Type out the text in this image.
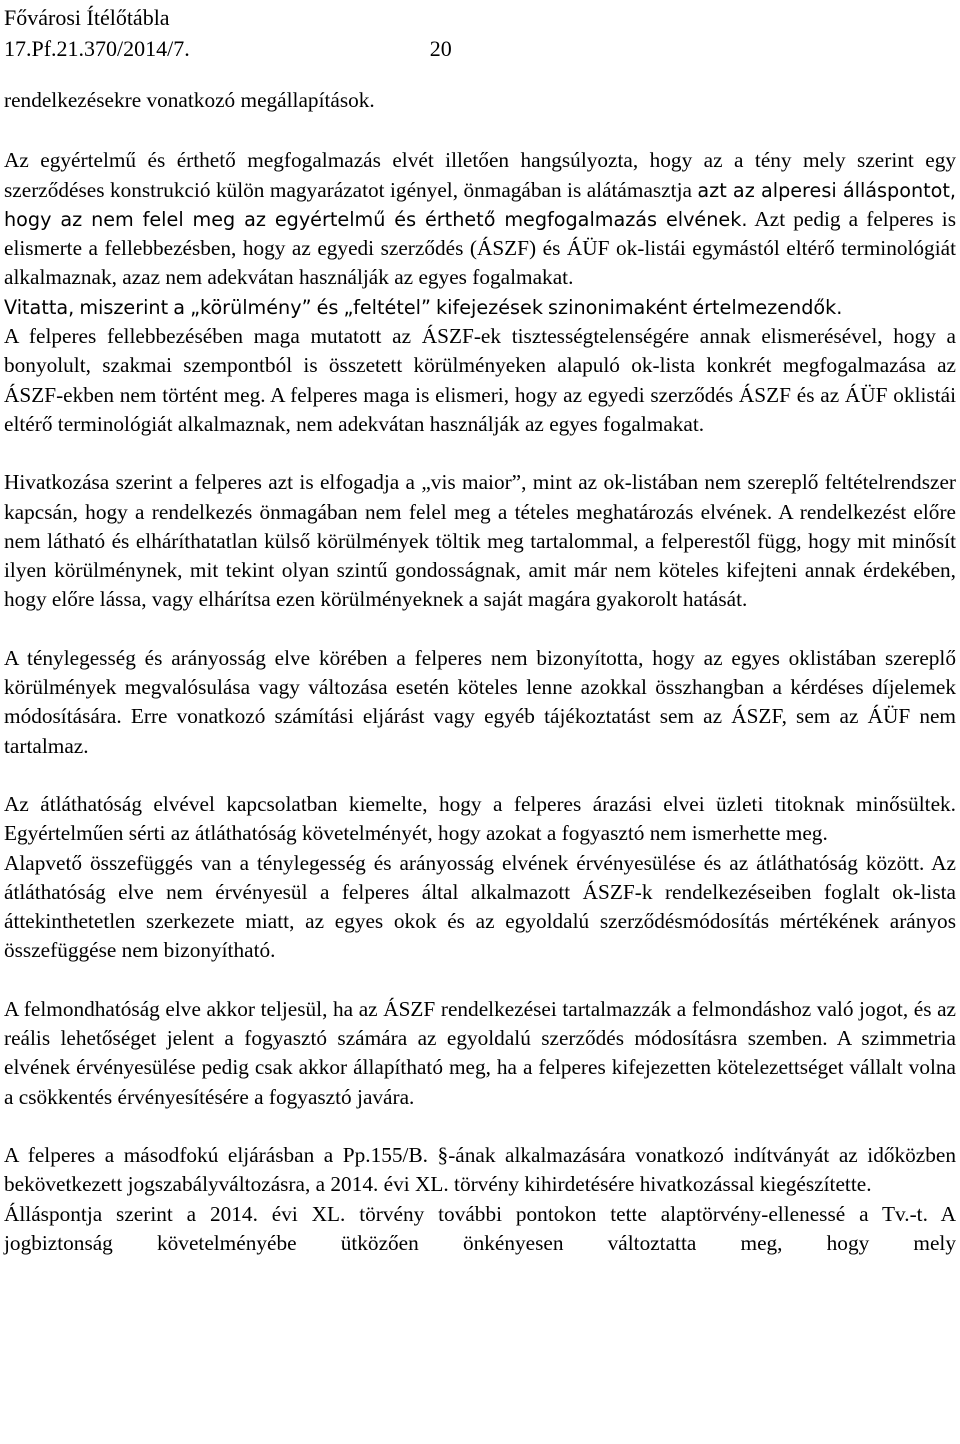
Fővárosi Ítélőtábla
17.Pf.21.370/2014/7.	20

rendelkezésekre vonatkozó megállapítások.

Az egyértelmű és érthető megfogalmazás elvét illetően hangsúlyozta, hogy az a tény mely szerint egy szerződéses konstrukció külön magyarázatot igényel, önmagában is alátámasztja azt az alperesi álláspontot, hogy az nem felel meg az egyértelmű és érthető megfogalmazás elvének. Azt pedig a felperes is elismerte a fellebbezésben, hogy az egyedi szerződés (ÁSZF) és ÁÜF ok-listái egymástól eltérő terminológiát alkalmaznak, azaz nem adekvátan használják az egyes fogalmakat.

Vitatta, miszerint a „körülmény” és „feltétel” kifejezések szinonimaként értelmezendők.

A felperes fellebbezésében maga mutatott az ÁSZF-ek tisztességtelenségére annak elismerésével, hogy a bonyolult, szakmai szempontból is összetett körülményeken alapuló ok-lista konkrét megfogalmazása az ÁSZF-ekben nem történt meg. A felperes maga is elismeri, hogy az egyedi szerződés ÁSZF és az ÁÜF oklistái eltérő terminológiát alkalmaznak, nem adekvátan használják az egyes fogalmakat.

Hivatkozása szerint a felperes azt is elfogadja a „vis maior”, mint az ok-listában nem szereplő feltételrendszer kapcsán, hogy a rendelkezés önmagában nem felel meg a tételes meghatározás elvének. A rendelkezést előre nem látható és elháríthatatlan külső körülmények töltik meg tartalommal, a felperestől függ, hogy mit minősít ilyen körülménynek, mit tekint olyan szintű gondosságnak, amit már nem köteles kifejteni annak érdekében, hogy előre lássa, vagy elhárítsa ezen körülményeknek a saját magára gyakorolt hatását.

A ténylegesség és arányosság elve körében a felperes nem bizonyította, hogy az egyes oklistában szereplő körülmények megvalósulása vagy változása esetén köteles lenne azokkal összhangban a kérdéses díjelemek módosítására. Erre vonatkozó számítási eljárást vagy egyéb tájékoztatást sem az ÁSZF, sem az ÁÜF nem tartalmaz.

Az átláthatóság elvével kapcsolatban kiemelte, hogy a felperes árazási elvei üzleti titoknak minősültek. Egyértelműen sérti az átláthatóság követelményét, hogy azokat a fogyasztó nem ismerhette meg.

Alapvető összefüggés van a ténylegesség és arányosság elvének érvényesülése és az átláthatóság között. Az átláthatóság elve nem érvényesül a felperes által alkalmazott ÁSZF-k rendelkezéseiben foglalt ok-lista áttekinthetetlen szerkezete miatt, az egyes okok és az egyoldalú szerződésmódosítás mértékének arányos összefüggése nem bizonyítható.

A felmondhatóság elve akkor teljesül, ha az ÁSZF rendelkezései tartalmazzák a felmondáshoz való jogot, és az reális lehetőséget jelent a fogyasztó számára az egyoldalú szerződés módosításra szemben. A szimmetria elvének érvényesülése pedig csak akkor állapítható meg, ha a felperes kifejezetten kötelezettséget vállalt volna a csökkentés érvényesítésére a fogyasztó javára.

A felperes a másodfokú eljárásban a Pp.155/B. §-ának alkalmazására vonatkozó indítványát az időközben bekövetkezett jogszabályváltozásra, a 2014. évi XL. törvény kihirdetésére hivatkozással kiegészítette.

Álláspontja szerint a 2014. évi XL. törvény további pontokon tette alaptörvény-ellenessé a Tv.-t. A jogbiztonság követelményébe ütközően önkényesen változtatta meg, hogy mely
